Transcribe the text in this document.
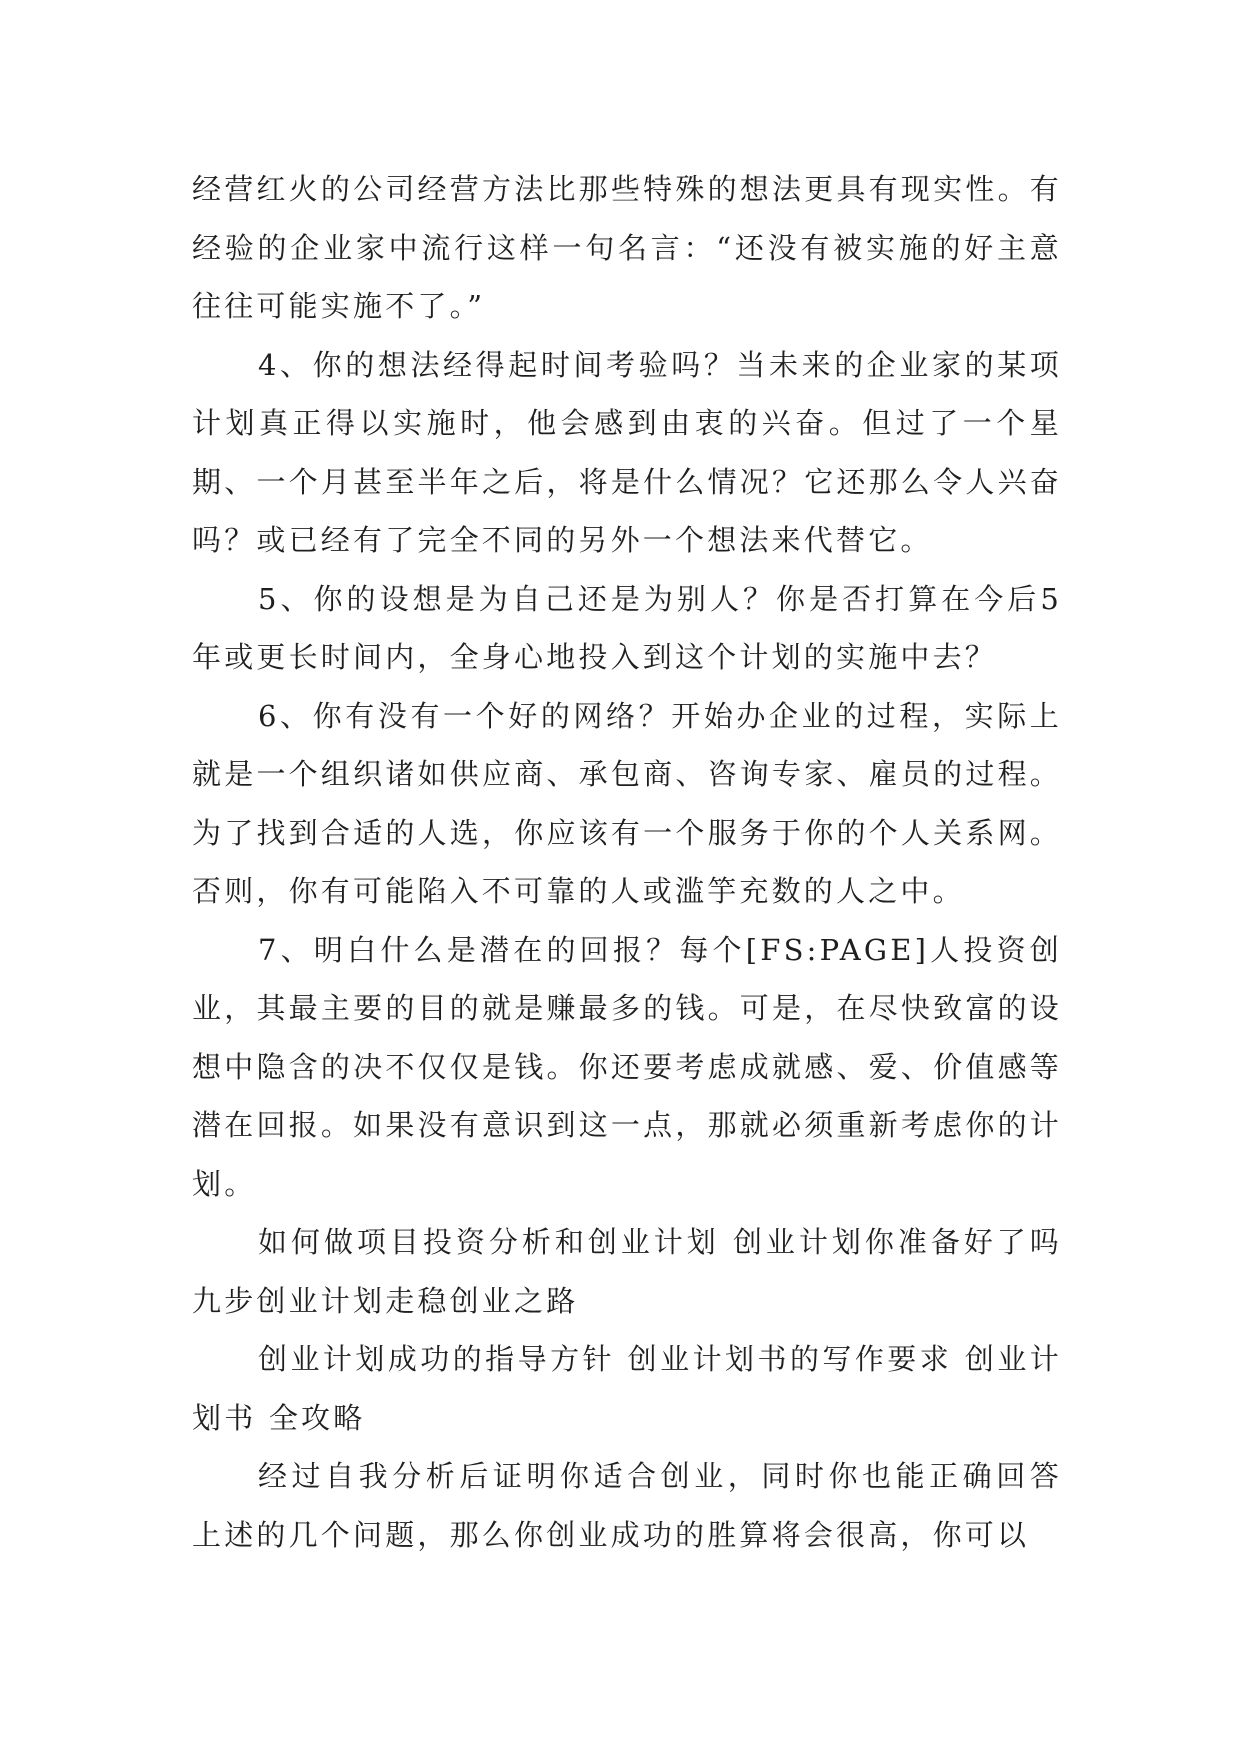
经营红火的公司经营方法比那些特殊的想法更具有现实性。有经验的企业家中流行这样一句名言：“还没有被实施的好主意往往可能实施不了。”

4、你的想法经得起时间考验吗？当未来的企业家的某项计划真正得以实施时，他会感到由衷的兴奋。但过了一个星期、一个月甚至半年之后，将是什么情况？它还那么令人兴奋吗？或已经有了完全不同的另外一个想法来代替它。

5、你的设想是为自己还是为别人？你是否打算在今后5年或更长时间内，全身心地投入到这个计划的实施中去？

6、你有没有一个好的网络？开始办企业的过程，实际上就是一个组织诸如供应商、承包商、咨询专家、雇员的过程。为了找到合适的人选，你应该有一个服务于你的个人关系网。否则，你有可能陷入不可靠的人或滥竽充数的人之中。

7、明白什么是潜在的回报？每个[FS:PAGE]人投资创业，其最主要的目的就是赚最多的钱。可是，在尽快致富的设想中隐含的决不仅仅是钱。你还要考虑成就感、爱、价值感等潜在回报。如果没有意识到这一点，那就必须重新考虑你的计划。

如何做项目投资分析和创业计划 创业计划你准备好了吗 九步创业计划走稳创业之路

创业计划成功的指导方针 创业计划书的写作要求 创业计划书 全攻略

经过自我分析后证明你适合创业，同时你也能正确回答上述的几个问题，那么你创业成功的胜算将会很高，你可以
